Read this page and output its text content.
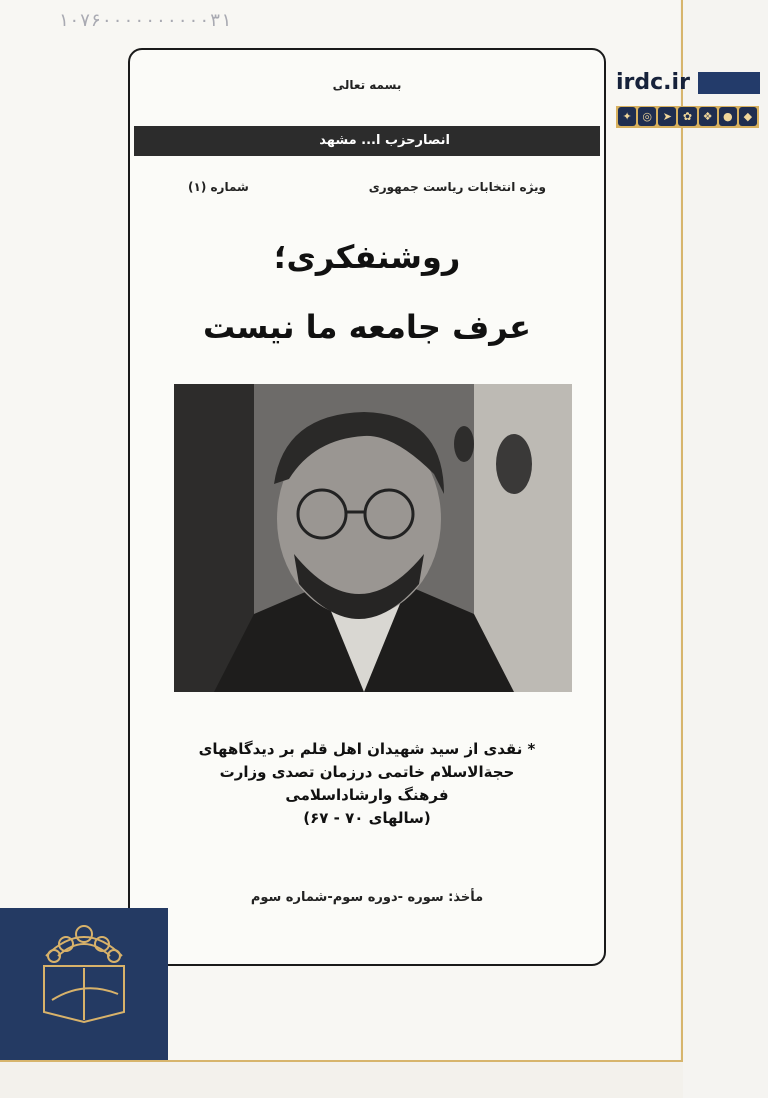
۱۰۷۶۰۰۰۰۰۰۰۰۰۰۳۱
بسمه تعالی
انصارحزب ا... مشهد
ویژه انتخابات ریاست جمهوری
شماره (۱)
روشنفکری؛
عرف جامعه ما نیست
* نقدی از سید شهیدان اهل قلم بر دیدگاههای
حجةالاسلام خاتمی درزمان تصدی وزارت
فرهنگ وارشاداسلامی
(سالهای ۷۰ - ۶۷)
مأخذ: سوره -دوره سوم-شماره سوم
irdc.ir
✦ ◎ ➤ ✿ ❖ ●	◆
